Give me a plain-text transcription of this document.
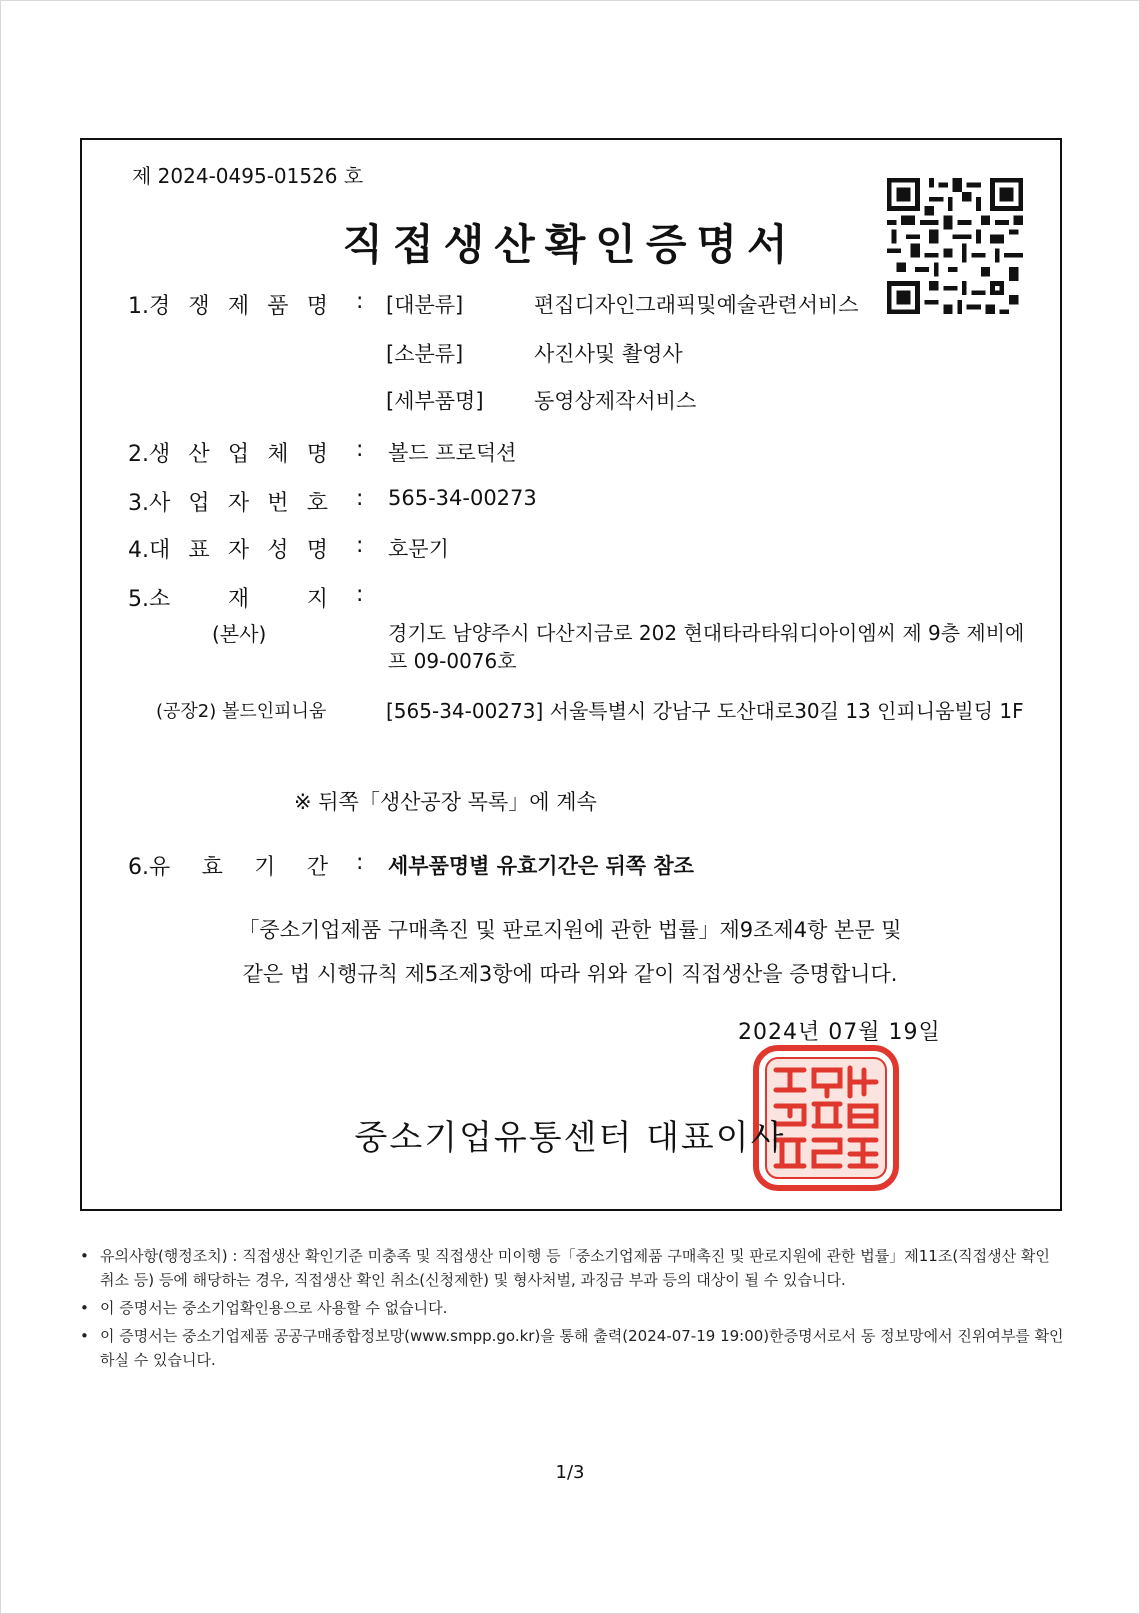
제 2024-0495-01526 호
직접생산확인증명서
1.경 쟁 제 품 명 : [대분류]	편집디자인그래픽및예술관련서비스
[소분류]	사진사및 촬영사
[세부품명] 동영상제작서비스
2.생 산 업 체 명 : 볼드 프로덕션
3.사 업 자 번 호 : 565-34-00273
4.대 표 자 성 명 : 호문기
5.소 재 지 :
(본사)	경기도 남양주시 다산지금로 202 현대타라타워디아이엠씨 제 9층 제비에
프 09-0076호
(공장2) 볼드인피니움	[565-34-00273] 서울특별시 강남구 도산대로30길 13 인피니움빌딩 1F
※ 뒤쪽「생산공장 목록」에 계속
6.유 효 기 간 : 세부품명별 유효기간은 뒤쪽 참조
「중소기업제품 구매촉진 및 판로지원에 관한 법률」제9조제4항 본문 및
같은 법 시행규칙 제5조제3항에 따라 위와 같이 직접생산을 증명합니다.
2024년 07월 19일
중소기업유통센터 대표이사
• 유의사항(행정조치) : 직접생산 확인기준 미충족 및 직접생산 미이행 등「중소기업제품 구매촉진 및 판로지원에 관한 법률」제11조(직접생산 확인 취소 등) 등에 해당하는 경우, 직접생산 확인 취소(신청제한) 및 형사처벌, 과징금 부과 등의 대상이 될 수 있습니다.
• 이 증명서는 중소기업확인용으로 사용할 수 없습니다.
• 이 증명서는 중소기업제품 공공구매종합정보망(www.smpp.go.kr)을 통해 출력(2024-07-19 19:00)한증명서로서 동 정보망에서 진위여부를 확인하실 수 있습니다.
1/3
